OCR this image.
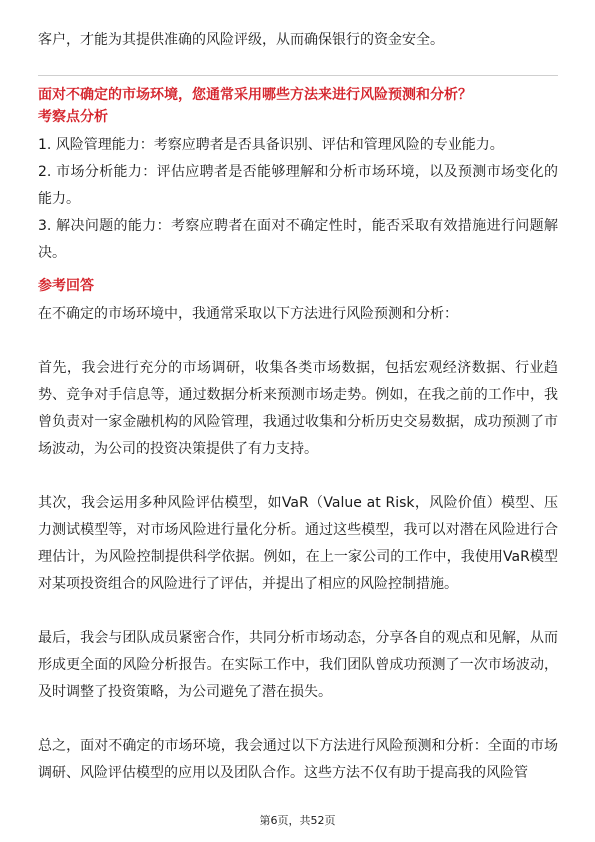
客户，才能为其提供准确的风险评级，从而确保银行的资金安全。

面对不确定的市场环境，您通常采用哪些方法来进行风险预测和分析？

考察点分析

1. 风险管理能力：考察应聘者是否具备识别、评估和管理风险的专业能力。

2. 市场分析能力：评估应聘者是否能够理解和分析市场环境，以及预测市场变化的能力。

3. 解决问题的能力：考察应聘者在面对不确定性时，能否采取有效措施进行问题解决。

参考回答

在不确定的市场环境中，我通常采取以下方法进行风险预测和分析：

首先，我会进行充分的市场调研，收集各类市场数据，包括宏观经济数据、行业趋势、竞争对手信息等，通过数据分析来预测市场走势。例如，在我之前的工作中，我曾负责对一家金融机构的风险管理，我通过收集和分析历史交易数据，成功预测了市场波动，为公司的投资决策提供了有力支持。

其次，我会运用多种风险评估模型，如VaR（Value at Risk，风险价值）模型、压力测试模型等，对市场风险进行量化分析。通过这些模型，我可以对潜在风险进行合理估计，为风险控制提供科学依据。例如，在上一家公司的工作中，我使用VaR模型对某项投资组合的风险进行了评估，并提出了相应的风险控制措施。

最后，我会与团队成员紧密合作，共同分析市场动态，分享各自的观点和见解，从而形成更全面的风险分析报告。在实际工作中，我们团队曾成功预测了一次市场波动，及时调整了投资策略，为公司避免了潜在损失。

总之，面对不确定的市场环境，我会通过以下方法进行风险预测和分析：全面的市场调研、风险评估模型的应用以及团队合作。这些方法不仅有助于提高我的风险管

第6页，共52页
